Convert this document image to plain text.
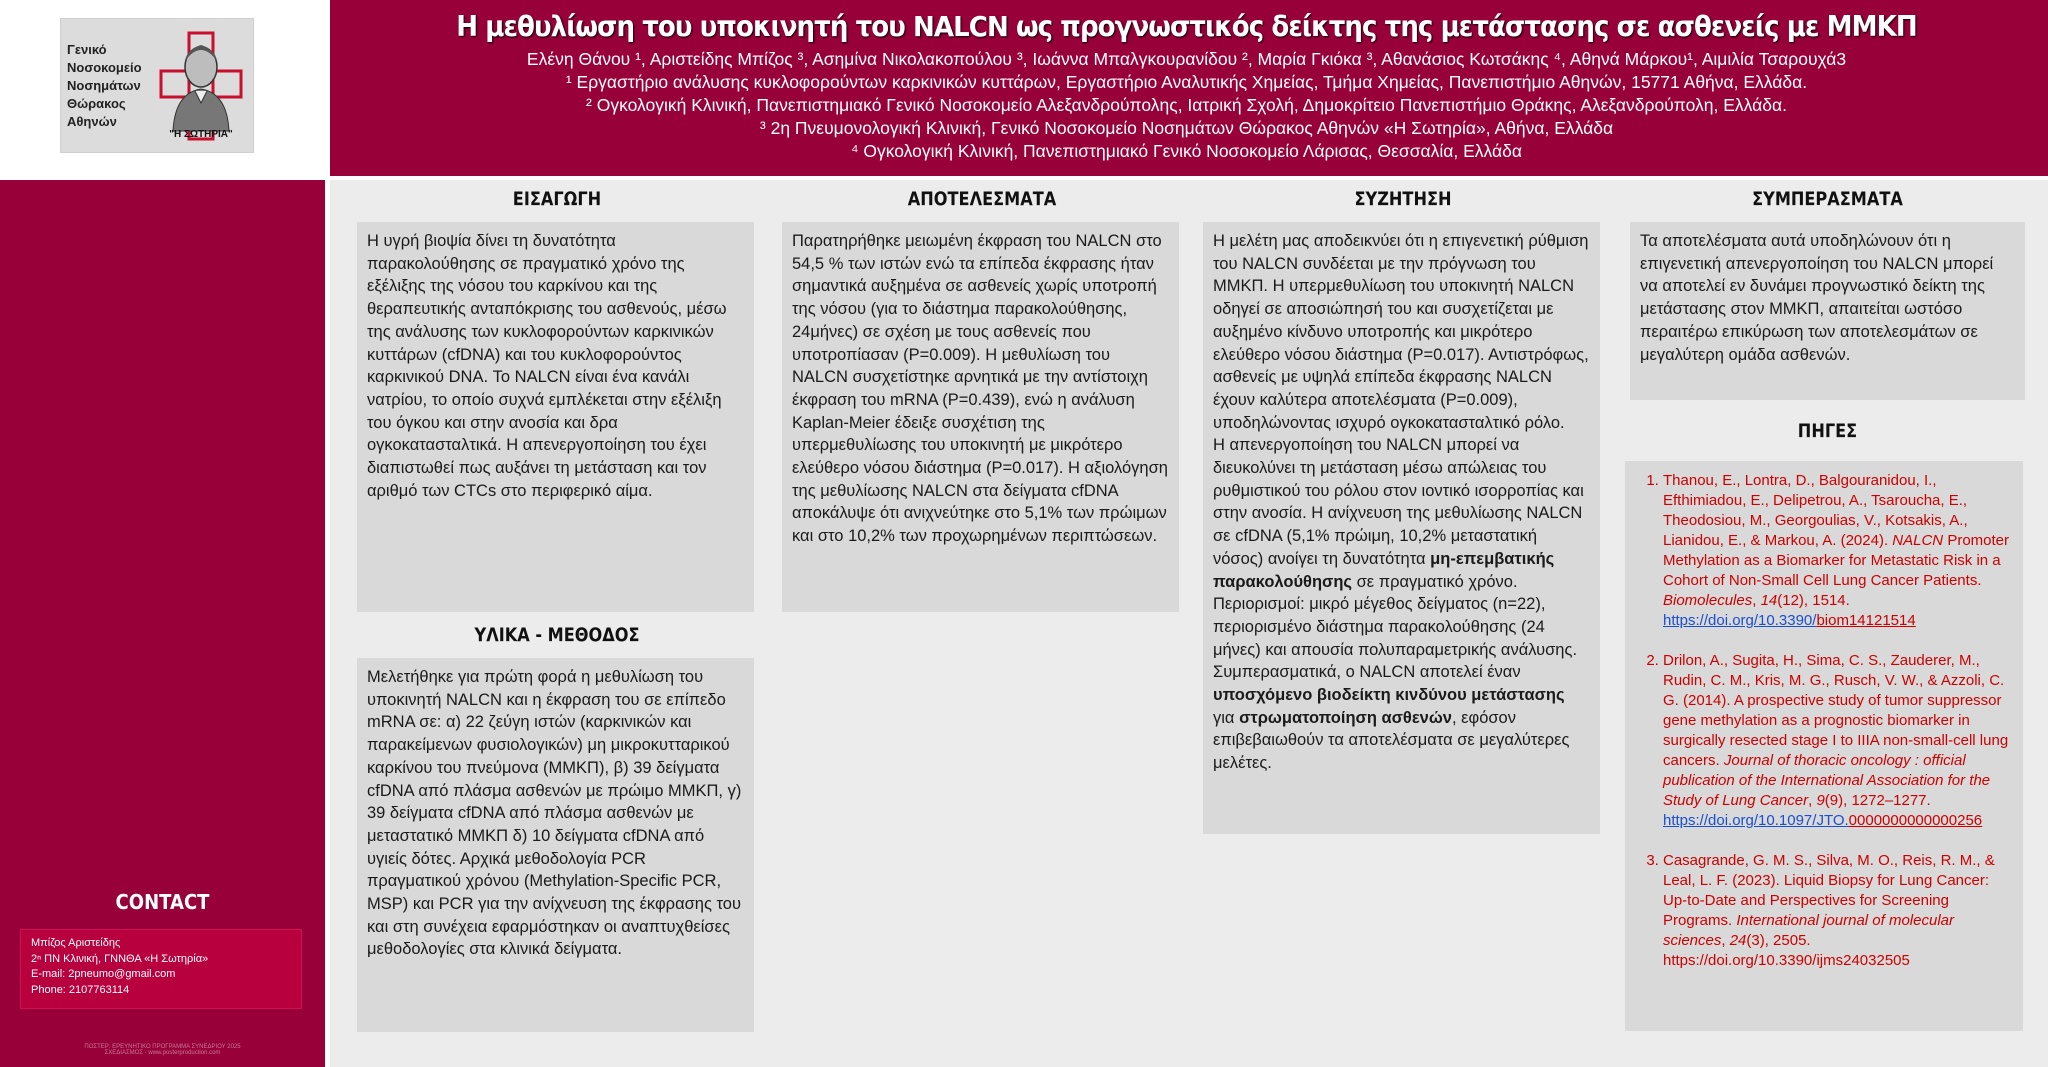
Γενικό
Νοσοκομείο
Νοσημάτων
Θώρακος
Αθηνών
"Η ΣΩΤΗΡΙΑ"
Η μεθυλίωση του υποκινητή του NALCN ως προγνωστικός δείκτης της μετάστασης σε ασθενείς με ΜΜΚΠ
Ελένη Θάνου ¹, Αριστείδης Μπίζος ³, Ασημίνα Νικολακοπούλου ³, Ιωάννα Μπαλγκουρανίδου ², Μαρία Γκιόκα ³, Αθανάσιος Κωτσάκης ⁴, Αθηνά Μάρκου¹, Αιμιλία Τσαρουχά3
¹ Εργαστήριο ανάλυσης κυκλοφορούντων καρκινικών κυττάρων, Εργαστήριο Αναλυτικής Χημείας, Τμήμα Χημείας, Πανεπιστήμιο Αθηνών, 15771 Αθήνα, Ελλάδα.
² Ογκολογική Κλινική, Πανεπιστημιακό Γενικό Νοσοκομείο Αλεξανδρούπολης, Ιατρική Σχολή, Δημοκρίτειο Πανεπιστήμιο Θράκης, Αλεξανδρούπολη, Ελλάδα.
³ 2η Πνευμονολογική Κλινική, Γενικό Νοσοκομείο Νοσημάτων Θώρακος Αθηνών «Η Σωτηρία», Αθήνα, Ελλάδα
⁴ Ογκολογική Κλινική, Πανεπιστημιακό Γενικό Νοσοκομείο Λάρισας, Θεσσαλία, Ελλάδα
CONTACT
Μπίζος Αριστείδης
2ⁿ ΠΝ Κλινική, ΓΝΝΘΑ «Η Σωτηρία»
E-mail: 2pneumo@gmail.com
Phone: 2107763114
ΠΟΣΤΕΡ: ΕΡΕΥΝΗΤΙΚΟ ΠΡΟΓΡΑΜΜΑ ΣΥΝΕΔΡΙΟΥ 2025
ΣΧΕΔΙΑΣΜΟΣ · www.posterproduction.com
ΕΙΣΑΓΩΓΗ
Η υγρή βιοψία δίνει τη δυνατότητα παρακολούθησης σε πραγματικό χρόνο της εξέλιξης της νόσου του καρκίνου και της θεραπευτικής ανταπόκρισης του ασθενούς, μέσω της ανάλυσης των κυκλοφορούντων καρκινικών κυττάρων (cfDNA) και του κυκλοφορούντος καρκινικού DNA. Το NALCN είναι ένα κανάλι νατρίου, το οποίο συχνά εμπλέκεται στην εξέλιξη του όγκου και στην ανοσία και δρα ογκοκατασταλτικά. Η απενεργοποίηση του έχει διαπιστωθεί πως αυξάνει τη μετάσταση και τον αριθμό των CTCs στο περιφερικό αίμα.
ΥΛΙΚΑ - ΜΕΘΟΔΟΣ
Μελετήθηκε για πρώτη φορά η μεθυλίωση του υποκινητή NALCN και η έκφραση του σε επίπεδο mRNA σε: α) 22 ζεύγη ιστών (καρκινικών και παρακείμενων φυσιολογικών) μη μικροκυτταρικού καρκίνου του πνεύμονα (ΜΜΚΠ), β) 39 δείγματα cfDNA από πλάσμα ασθενών με πρώιμο ΜΜΚΠ, γ) 39 δείγματα cfDNA από πλάσμα ασθενών με μεταστατικό ΜΜΚΠ δ) 10 δείγματα cfDNA από υγιείς δότες. Αρχικά μεθοδολογία PCR πραγματικού χρόνου (Methylation-Specific PCR, MSP) και PCR για την ανίχνευση της έκφρασης του και στη συνέχεια εφαρμόστηκαν οι αναπτυχθείσες μεθοδολογίες στα κλινικά δείγματα.
ΑΠΟΤΕΛΕΣΜΑΤΑ
Παρατηρήθηκε μειωμένη έκφραση του NALCN στο 54,5 % των ιστών ενώ τα επίπεδα έκφρασης ήταν σημαντικά αυξημένα σε ασθενείς χωρίς υποτροπή της νόσου (για το διάστημα παρακολούθησης, 24μήνες) σε σχέση με τους ασθενείς που υποτροπίασαν (P=0.009). Η μεθυλίωση του NALCN συσχετίστηκε αρνητικά με την αντίστοιχη έκφραση του mRNA (P=0.439), ενώ η ανάλυση Kaplan-Meier έδειξε συσχέτιση της υπερμεθυλίωσης του υποκινητή με μικρότερο ελεύθερο νόσου διάστημα (P=0.017). Η αξιολόγηση της μεθυλίωσης NALCN στα δείγματα cfDNA αποκάλυψε ότι ανιχνεύτηκε στο 5,1% των πρώιμων και στο 10,2% των προχωρημένων περιπτώσεων.
ΣΥΖΗΤΗΣΗ
Η μελέτη μας αποδεικνύει ότι η επιγενετική ρύθμιση του NALCN συνδέεται με την πρόγνωση του ΜΜΚΠ. Η υπερμεθυλίωση του υποκινητή NALCN οδηγεί σε αποσιώπησή του και συσχετίζεται με αυξημένο κίνδυνο υποτροπής και μικρότερο ελεύθερο νόσου διάστημα (P=0.017). Αντιστρόφως, ασθενείς με υψηλά επίπεδα έκφρασης NALCN έχουν καλύτερα αποτελέσματα (P=0.009), υποδηλώνοντας ισχυρό ογκοκατασταλτικό ρόλο.
Η απενεργοποίηση του NALCN μπορεί να διευκολύνει τη μετάσταση μέσω απώλειας του ρυθμιστικού του ρόλου στον ιοντικό ισορροπίας και στην ανοσία. Η ανίχνευση της μεθυλίωσης NALCN σε cfDNA (5,1% πρώιμη, 10,2% μεταστατική νόσος) ανοίγει τη δυνατότητα μη-επεμβατικής παρακολούθησης σε πραγματικό χρόνο.
Περιορισμοί: μικρό μέγεθος δείγματος (n=22), περιορισμένο διάστημα παρακολούθησης (24 μήνες) και απουσία πολυπαραμετρικής ανάλυσης. Συμπερασματικά, ο NALCN αποτελεί έναν υποσχόμενο βιοδείκτη κινδύνου μετάστασης για στρωματοποίηση ασθενών, εφόσον επιβεβαιωθούν τα αποτελέσματα σε μεγαλύτερες μελέτες.
ΣΥΜΠΕΡΑΣΜΑΤΑ
Τα αποτελέσματα αυτά υποδηλώνουν ότι η επιγενετική απενεργοποίηση του NALCN μπορεί να αποτελεί εν δυνάμει προγνωστικό δείκτη της μετάστασης στον ΜΜΚΠ, απαιτείται ωστόσο περαιτέρω επικύρωση των αποτελεσμάτων σε μεγαλύτερη ομάδα ασθενών.
ΠΗΓΕΣ
1. Thanou, E., Lontra, D., Balgouranidou, I., Efthimiadou, E., Delipetrou, A., Tsaroucha, E., Theodosiou, M., Georgoulias, V., Kotsakis, A., Lianidou, E., & Markou, A. (2024). NALCN Promoter Methylation as a Biomarker for Metastatic Risk in a Cohort of Non-Small Cell Lung Cancer Patients. Biomolecules, 14(12), 1514.
https://doi.org/10.3390/biom14121514
2. Drilon, A., Sugita, H., Sima, C. S., Zauderer, M., Rudin, C. M., Kris, M. G., Rusch, V. W., & Azzoli, C. G. (2014). A prospective study of tumor suppressor gene methylation as a prognostic biomarker in surgically resected stage I to IIIA non-small-cell lung cancers. Journal of thoracic oncology : official publication of the International Association for the Study of Lung Cancer, 9(9), 1272–1277.
https://doi.org/10.1097/JTO.0000000000000256
3. Casagrande, G. M. S., Silva, M. O., Reis, R. M., & Leal, L. F. (2023). Liquid Biopsy for Lung Cancer: Up-to-Date and Perspectives for Screening Programs. International journal of molecular sciences, 24(3), 2505. https://doi.org/10.3390/ijms24032505
